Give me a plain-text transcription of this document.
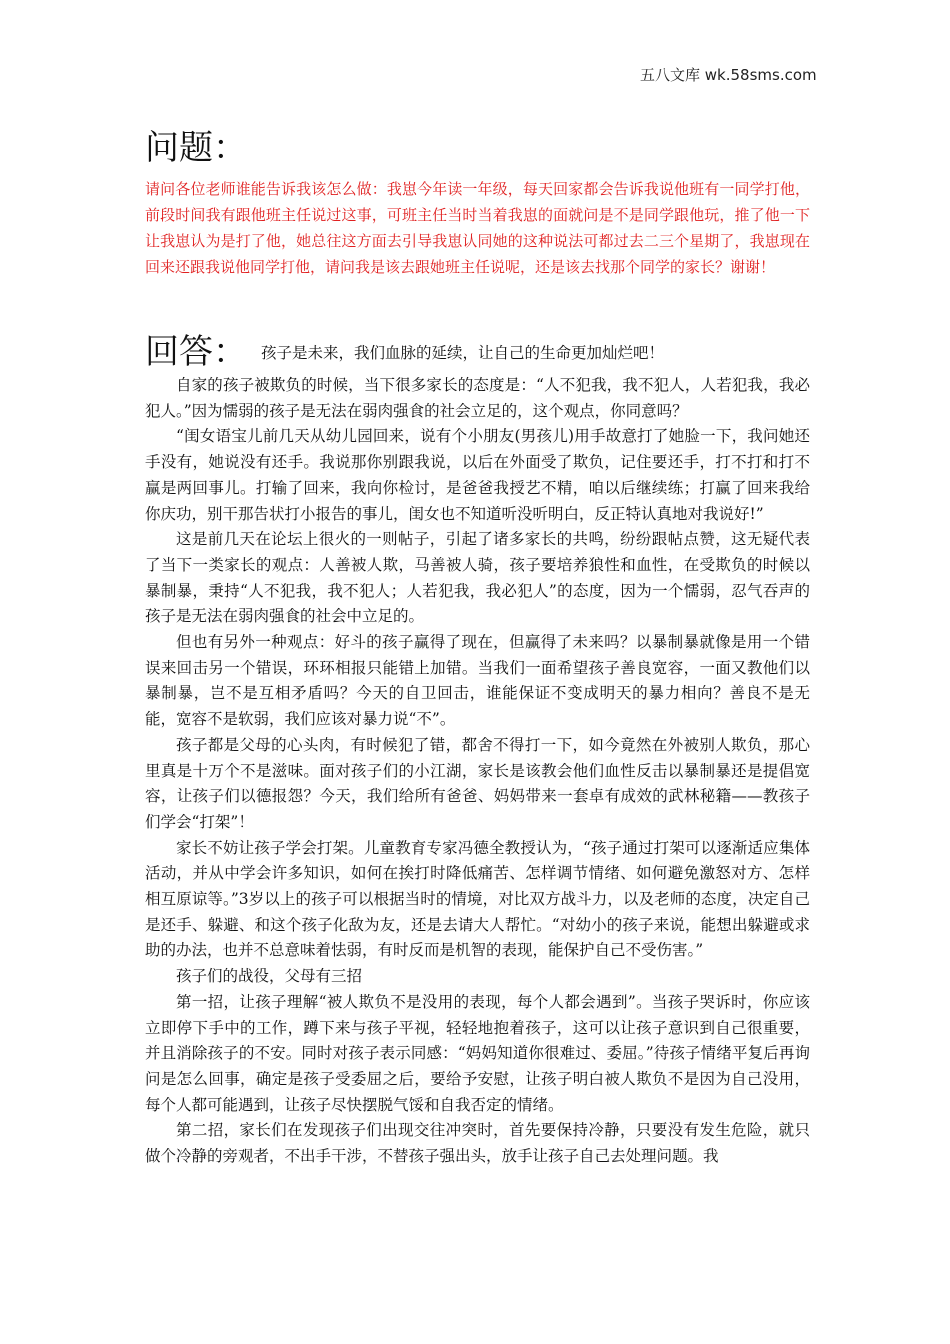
五八文库 wk.58sms.com
问题：

请问各位老师谁能告诉我该怎么做：我崽今年读一年级，每天回家都会告诉我说他班有一同学打他，前段时间我有跟他班主任说过这事，可班主任当时当着我崽的面就问是不是同学跟他玩，推了他一下让我崽认为是打了他，她总往这方面去引导我崽认同她的这种说法可都过去二三个星期了，我崽现在回来还跟我说他同学打他，请问我是该去跟她班主任说呢，还是该去找那个同学的家长？谢谢！

回答： 孩子是未来，我们血脉的延续，让自己的生命更加灿烂吧！

自家的孩子被欺负的时候，当下很多家长的态度是：“人不犯我，我不犯人，人若犯我，我必犯人。”因为懦弱的孩子是无法在弱肉强食的社会立足的，这个观点，你同意吗？

“闺女语宝儿前几天从幼儿园回来，说有个小朋友(男孩儿)用手故意打了她脸一下，我问她还手没有，她说没有还手。我说那你别跟我说，以后在外面受了欺负，记住要还手，打不打和打不赢是两回事儿。打输了回来，我向你检讨，是爸爸我授艺不精，咱以后继续练；打赢了回来我给你庆功，别干那告状打小报告的事儿，闺女也不知道听没听明白，反正特认真地对我说好!”

这是前几天在论坛上很火的一则帖子，引起了诸多家长的共鸣，纷纷跟帖点赞，这无疑代表了当下一类家长的观点：人善被人欺，马善被人骑，孩子要培养狼性和血性，在受欺负的时候以暴制暴，秉持“人不犯我，我不犯人；人若犯我，我必犯人”的态度，因为一个懦弱，忍气吞声的孩子是无法在弱肉强食的社会中立足的。

但也有另外一种观点：好斗的孩子赢得了现在，但赢得了未来吗？以暴制暴就像是用一个错误来回击另一个错误，环环相报只能错上加错。当我们一面希望孩子善良宽容，一面又教他们以暴制暴，岂不是互相矛盾吗？今天的自卫回击，谁能保证不变成明天的暴力相向？善良不是无能，宽容不是软弱，我们应该对暴力说“不”。

孩子都是父母的心头肉，有时候犯了错，都舍不得打一下，如今竟然在外被别人欺负，那心里真是十万个不是滋味。面对孩子们的小江湖，家长是该教会他们血性反击以暴制暴还是提倡宽容，让孩子们以德报怨？今天，我们给所有爸爸、妈妈带来一套卓有成效的武林秘籍——教孩子们学会“打架”！

家长不妨让孩子学会打架。儿童教育专家冯德全教授认为，“孩子通过打架可以逐渐适应集体活动，并从中学会许多知识，如何在挨打时降低痛苦、怎样调节情绪、如何避免激怒对方、怎样相互原谅等。”3岁以上的孩子可以根据当时的情境，对比双方战斗力，以及老师的态度，决定自己是还手、躲避、和这个孩子化敌为友，还是去请大人帮忙。“对幼小的孩子来说，能想出躲避或求助的办法，也并不总意味着怯弱，有时反而是机智的表现，能保护自己不受伤害。”

孩子们的战役，父母有三招

第一招，让孩子理解“被人欺负不是没用的表现，每个人都会遇到”。当孩子哭诉时，你应该立即停下手中的工作，蹲下来与孩子平视，轻轻地抱着孩子，这可以让孩子意识到自己很重要，并且消除孩子的不安。同时对孩子表示同感：“妈妈知道你很难过、委屈。”待孩子情绪平复后再询问是怎么回事，确定是孩子受委屈之后，要给予安慰，让孩子明白被人欺负不是因为自己没用，每个人都可能遇到，让孩子尽快摆脱气馁和自我否定的情绪。

第二招，家长们在发现孩子们出现交往冲突时，首先要保持冷静，只要没有发生危险，就只做个冷静的旁观者，不出手干涉，不替孩子强出头，放手让孩子自己去处理问题。我
